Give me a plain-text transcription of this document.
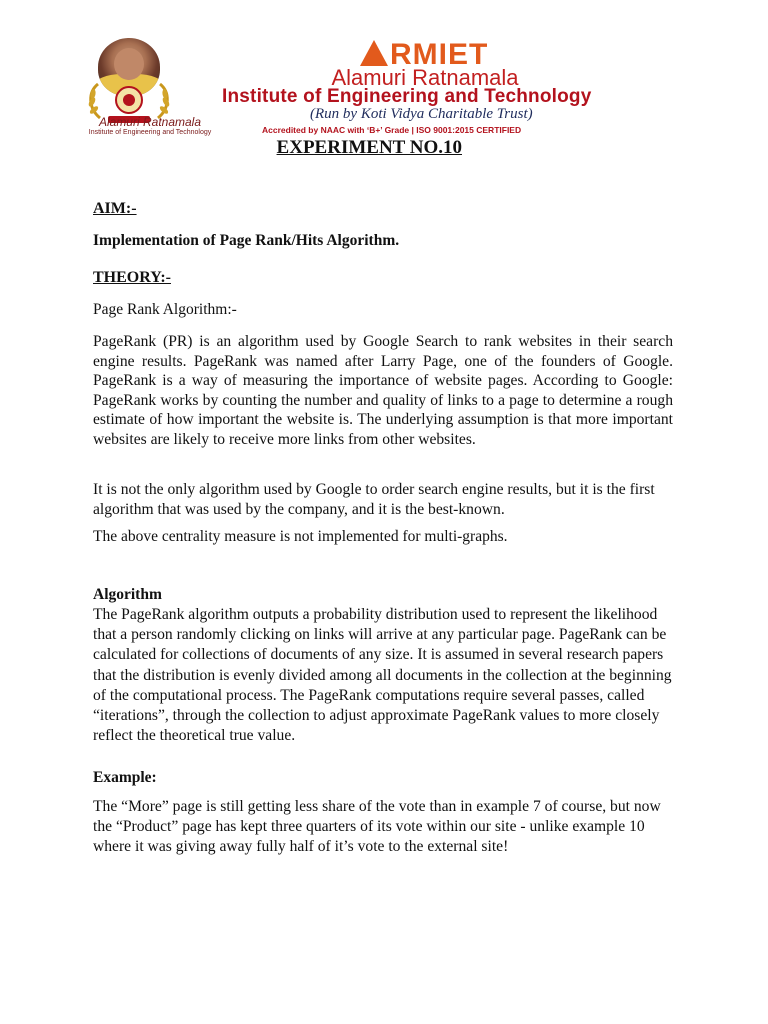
Alamuri Ratnamala
Institute of Engineering and Technology
RMIET
Alamuri Ratnamala
Institute of Engineering and Technology
(Run by Koti Vidya Charitable Trust)
Accredited by NAAC with ‘B+’ Grade | ISO 9001:2015 CERTIFIED
EXPERIMENT NO.10
AIM:-
Implementation of Page Rank/Hits Algorithm.
THEORY:-
Page Rank Algorithm:-
PageRank (PR) is an algorithm used by Google Search to rank websites in their search engine results. PageRank was named after Larry Page, one of the founders of Google. PageRank is a way of measuring the importance of website pages. According to Google: PageRank works by counting the number and quality of links to a page to determine a rough estimate of how important the website is. The underlying assumption is that more important websites are likely to receive more links from other websites.
It is not the only algorithm used by Google to order search engine results, but it is the first algorithm that was used by the company, and it is the best-known.
The above centrality measure is not implemented for multi-graphs.
Algorithm
The PageRank algorithm outputs a probability distribution used to represent the likelihood that a person randomly clicking on links will arrive at any particular page. PageRank can be calculated for collections of documents of any size. It is assumed in several research papers that the distribution is evenly divided among all documents in the collection at the beginning of the computational process. The PageRank computations require several passes, called “iterations”, through the collection to adjust approximate PageRank values to more closely reflect the theoretical true value.
Example:
The “More” page is still getting less share of the vote than in example 7 of course, but now the “Product” page has kept three quarters of its vote within our site - unlike example 10 where it was giving away fully half of it’s vote to the external site!
